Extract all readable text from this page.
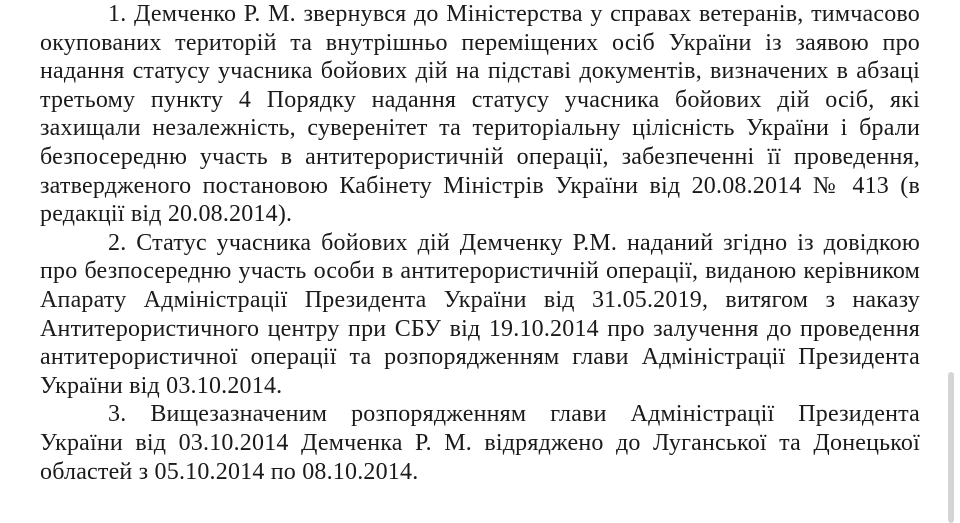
1. Демченко Р. М. звернувся до Міністерства у справах ветеранів, тимчасово окупованих територій та внутрішньо переміщених осіб України із заявою про надання статусу учасника бойових дій на підставі документів, визначених в абзаці третьому пункту 4 Порядку надання статусу учасника бойових дій осіб, які захищали незалежність, суверенітет та територіальну цілісність України і брали безпосередню участь в антитерористичній операції, забезпеченні її проведення, затвердженого постановою Кабінету Міністрів України від 20.08.2014 № 413 (в редакції від 20.08.2014).

2. Статус учасника бойових дій Демченку Р.М. наданий згідно із довідкою про безпосередню участь особи в антитерористичній операції, виданою керівником Апарату Адміністрації Президента України від 31.05.2019, витягом з наказу Антитерористичного центру при СБУ від 19.10.2014 про залучення до проведення антитерористичної операції та розпорядженням глави Адміністрації Президента України від 03.10.2014.

3. Вищезазначеним розпорядженням глави Адміністрації Президента України від 03.10.2014 Демченка Р. М. відряджено до Луганської та Донецької областей з 05.10.2014 по 08.10.2014.
